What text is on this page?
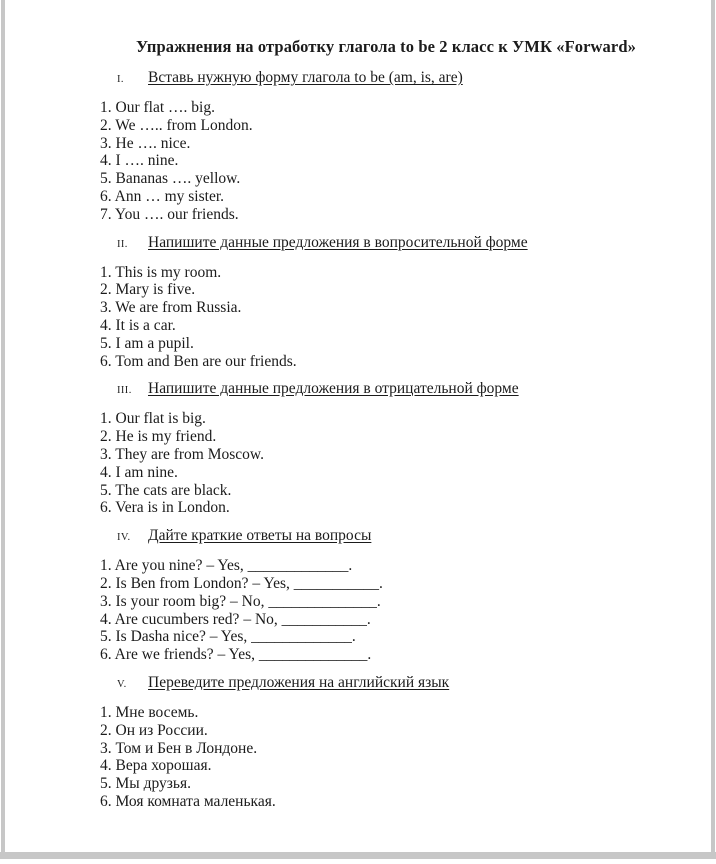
Упражнения на отработку глагола to be 2 класс к УМК «Forward»
I. Вставь нужную форму глагола to be (am, is, are)
1. Our flat …. big.
2. We ….. from London.
3. He …. nice.
4. I …. nine.
5. Bananas …. yellow.
6. Ann … my sister.
7. You …. our friends.
II. Напишите данные предложения в вопросительной форме
1. This is my room.
2. Mary is five.
3. We are from Russia.
4. It is a car.
5. I am a pupil.
6. Tom and Ben are our friends.
III. Напишите данные предложения в отрицательной форме
1. Our flat is big.
2. He is my friend.
3. They are from Moscow.
4. I am nine.
5. The cats are black.
6. Vera is in London.
IV. Дайте краткие ответы на вопросы
1. Are you nine? – Yes, _____________.
2. Is Ben from London? – Yes, ___________.
3. Is your room big? – No, ______________.
4. Are cucumbers red? – No, ___________.
5. Is Dasha nice? – Yes, _____________.
6. Are we friends? – Yes, ______________.
V. Переведите предложения на английский язык
1. Мне восемь.
2. Он из России.
3. Том и Бен в Лондоне.
4. Вера хорошая.
5. Мы друзья.
6. Моя комната маленькая.
